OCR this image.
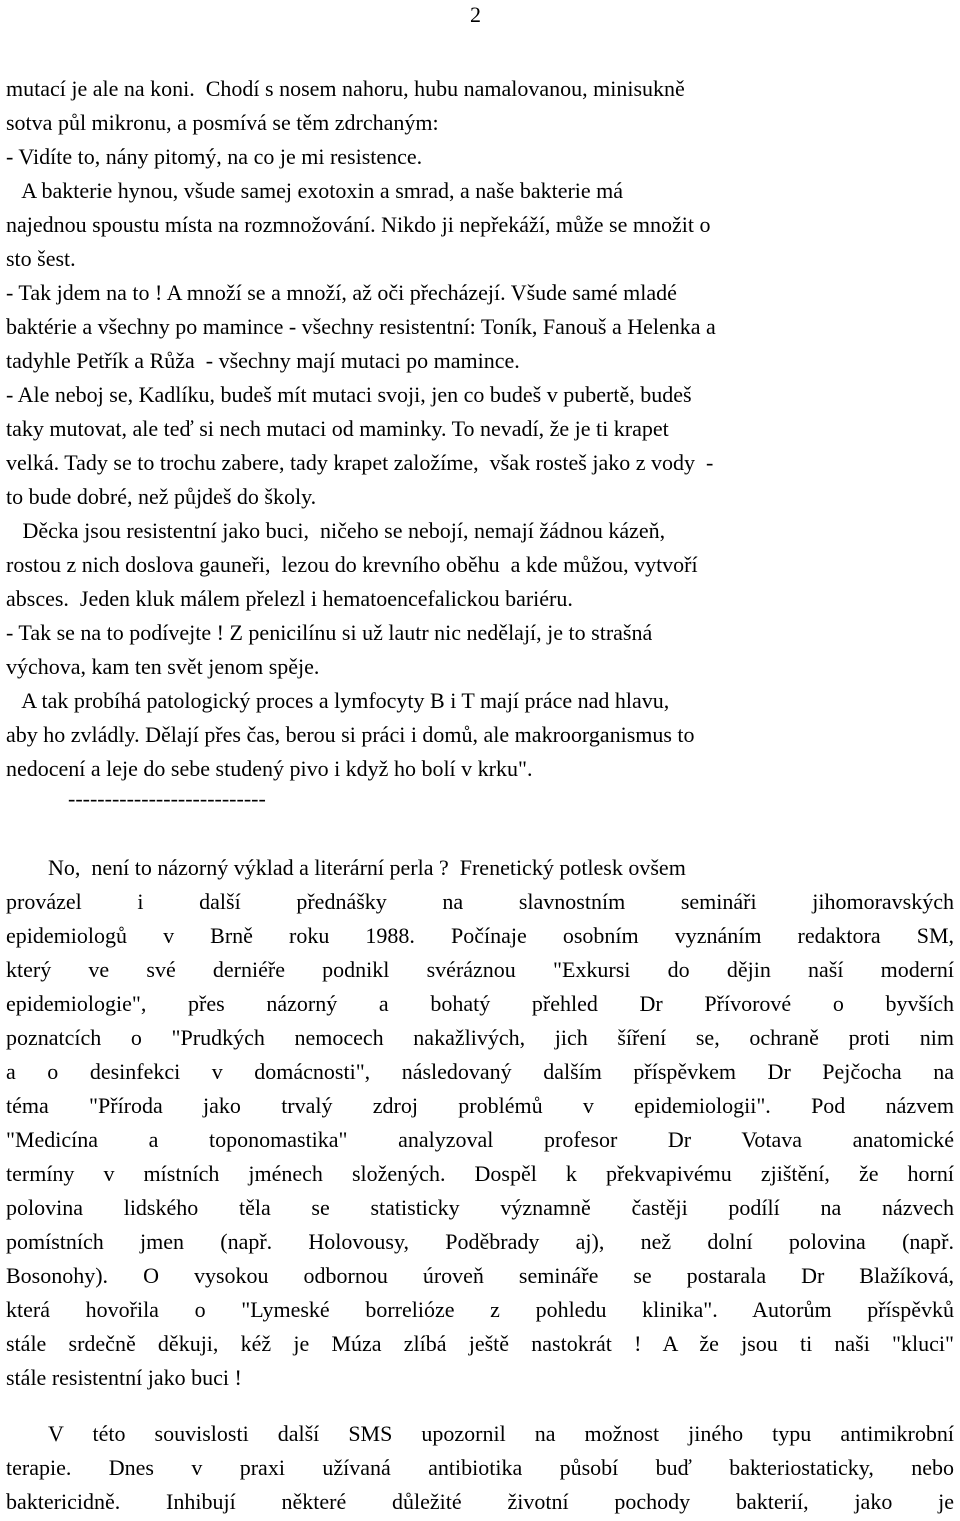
2
mutací je ale na koni.  Chodí s nosem nahoru, hubu namalovanou, minisukně
sotva půl mikronu, a posmívá se těm zdrchaným:
- Vidíte to, nány pitomý, na co je mi resistence.
A bakterie hynou, všude samej exotoxin a smrad, a naše bakterie má
najednou spoustu místa na rozmnožování. Nikdo ji nepřekáží, může se množit o
sto šest.
- Tak jdem na to ! A množí se a množí, až oči přecházejí. Všude samé mladé
baktérie a všechny po mamince - všechny resistentní: Toník, Fanouš a Helenka a
tadyhle Petřík a Růža  - všechny mají mutaci po mamince.
- Ale neboj se, Kadlíku, budeš mít mutaci svoji, jen co budeš v pubertě, budeš
taky mutovat, ale teď si nech mutaci od maminky. To nevadí, že je ti krapet
velká. Tady se to trochu zabere, tady krapet založíme,  však rosteš jako z vody  -
to bude dobré, než půjdeš do školy.
Děcka jsou resistentní jako buci,  ničeho se nebojí, nemají žádnou kázeň,
rostou z nich doslova gauneři,  lezou do krevního oběhu  a kde můžou, vytvoří
absces.  Jeden kluk málem přelezl i hematoencefalickou bariéru.
- Tak se na to podívejte ! Z penicilínu si už lautr nic nedělají, je to strašná
výchova, kam ten svět jenom spěje.
A tak probíhá patologický proces a lymfocyty B i T mají práce nad hlavu,
aby ho zvládly. Dělají přes čas, berou si práci i domů, ale makroorganismus to
nedocení a leje do sebe studený pivo i když ho bolí v krku".
---------------------------
No,  není to názorný výklad a literární perla ?  Frenetický potlesk ovšem
provázel i další přednášky na slavnostním semináři jihomoravských
epidemiologů v Brně roku 1988. Počínaje osobním vyznáním redaktora SM,
který ve své derniéře podnikl svéráznou "Exkursi do dějin naší moderní
epidemiologie", přes názorný a bohatý přehled Dr Přívorové o byvších
poznatcích o "Prudkých nemocech nakažlivých, jich šíření se, ochraně proti nim
a o desinfekci v domácnosti", následovaný dalším příspěvkem Dr Pejčocha na
téma "Příroda jako trvalý zdroj problémů v epidemiologii". Pod názvem
"Medicína a toponomastika" analyzoval profesor Dr Votava anatomické
termíny v místních jménech složených. Dospěl k překvapivému zjištění, že horní
polovina lidského těla se statisticky významně častěji podílí na názvech
pomístních jmen (např. Holovousy, Poděbrady aj), než dolní polovina (např.
Bosonohy). O vysokou odbornou úroveň semináře se postarala Dr Blažíková,
která hovořila o "Lymeské borrelióze z pohledu klinika". Autorům příspěvků
stále srdečně děkuji, kéž je Múza zlíbá ještě nastokrát ! A že jsou ti naši "kluci"
stále resistentní jako buci !
V této souvislosti další SMS upozornil na možnost jiného typu antimikrobní
terapie. Dnes v praxi užívaná antibiotika působí buď bakteriostaticky, nebo
baktericidně. Inhibují některé důležité životní pochody bakterií, jako je
